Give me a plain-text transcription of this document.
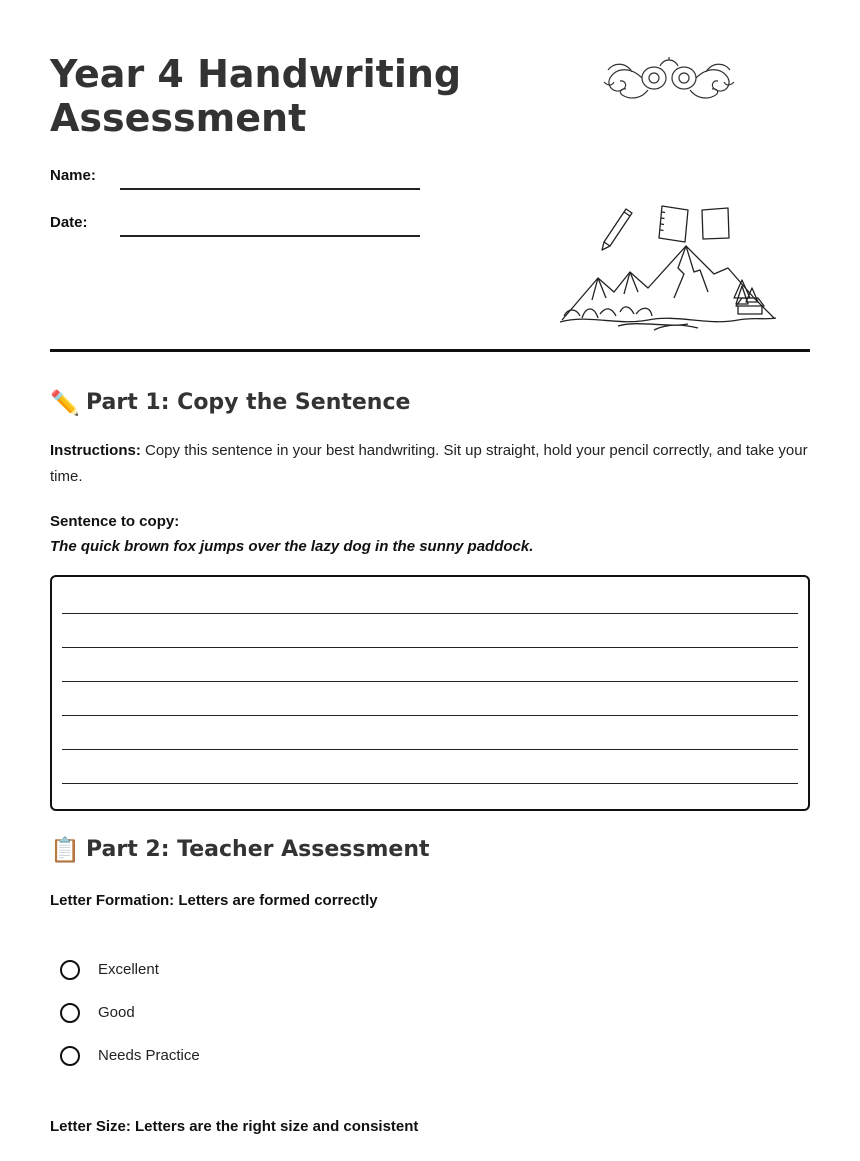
Year 4 Handwriting Assessment
Name:
Date:
✏️ Part 1: Copy the Sentence
Instructions: Copy this sentence in your best handwriting. Sit up straight, hold your pencil correctly, and take your time.
Sentence to copy:
The quick brown fox jumps over the lazy dog in the sunny paddock.
📋 Part 2: Teacher Assessment
Letter Formation: Letters are formed correctly
Excellent
Good
Needs Practice
Letter Size: Letters are the right size and consistent
